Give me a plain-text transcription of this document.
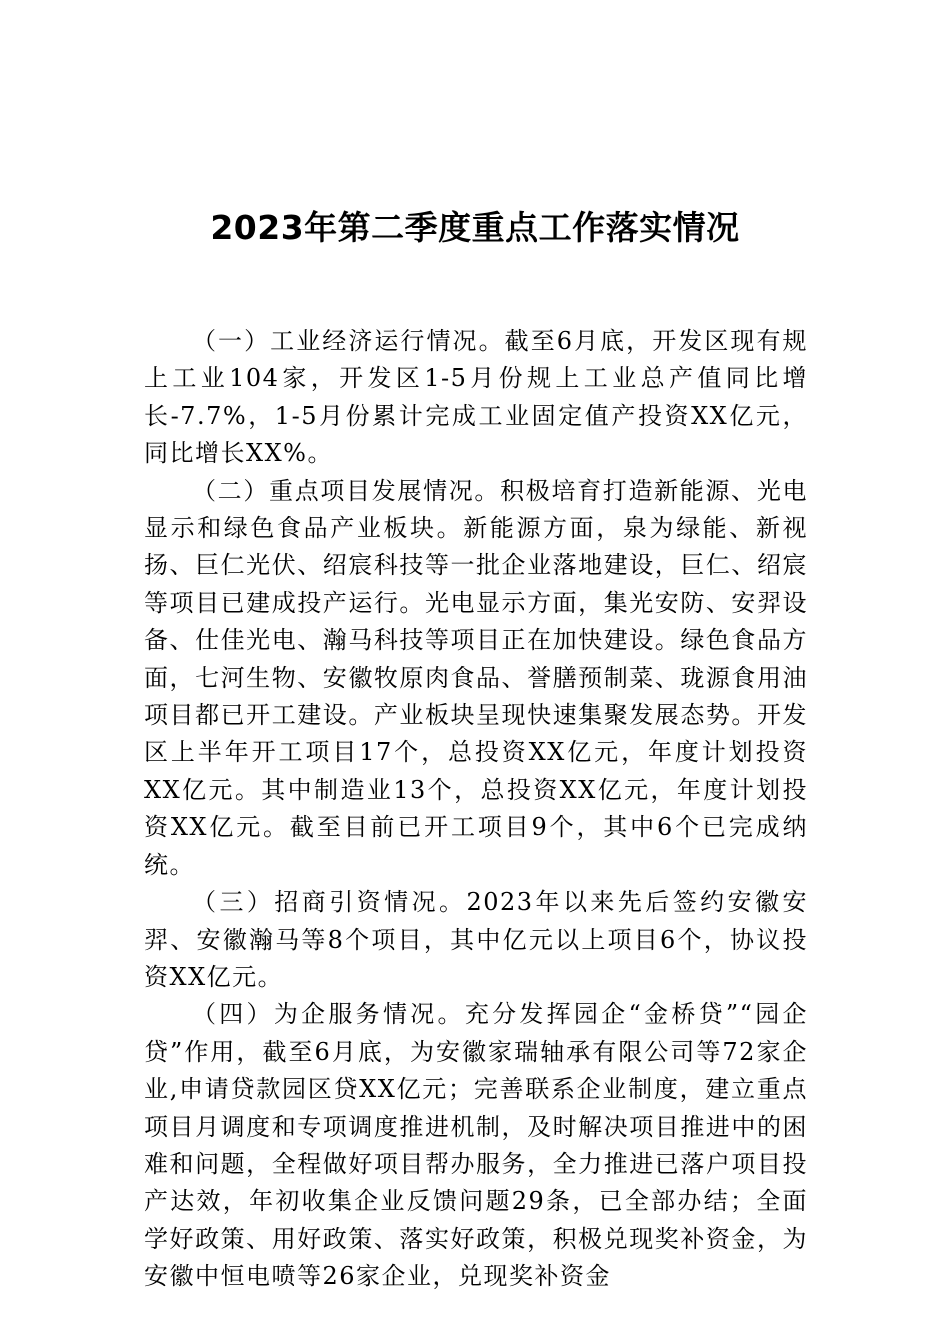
2023年第二季度重点工作落实情况

（一）工业经济运行情况。截至6月底，开发区现有规上工业104家，开发区1-5月份规上工业总产值同比增长-7.7%，1-5月份累计完成工业固定值产投资XX亿元，同比增长XX%。

（二）重点项目发展情况。积极培育打造新能源、光电显示和绿色食品产业板块。新能源方面，泉为绿能、新视扬、巨仁光伏、绍宸科技等一批企业落地建设，巨仁、绍宸等项目已建成投产运行。光电显示方面，集光安防、安羿设备、仕佳光电、瀚马科技等项目正在加快建设。绿色食品方面，七河生物、安徽牧原肉食品、誉膳预制菜、珑源食用油项目都已开工建设。产业板块呈现快速集聚发展态势。开发区上半年开工项目17个，总投资XX亿元，年度计划投资XX亿元。其中制造业13个，总投资XX亿元，年度计划投资XX亿元。截至目前已开工项目9个，其中6个已完成纳统。

（三）招商引资情况。2023年以来先后签约安徽安羿、安徽瀚马等8个项目，其中亿元以上项目6个，协议投资XX亿元。

（四）为企服务情况。充分发挥园企“金桥贷”“园企贷”作用，截至6月底，为安徽家瑞轴承有限公司等72家企业,申请贷款园区贷XX亿元；完善联系企业制度，建立重点项目月调度和专项调度推进机制，及时解决项目推进中的困难和问题，全程做好项目帮办服务，全力推进已落户项目投产达效，年初收集企业反馈问题29条，已全部办结；全面学好政策、用好政策、落实好政策，积极兑现奖补资金，为安徽中恒电喷等26家企业，兑现奖补资金
